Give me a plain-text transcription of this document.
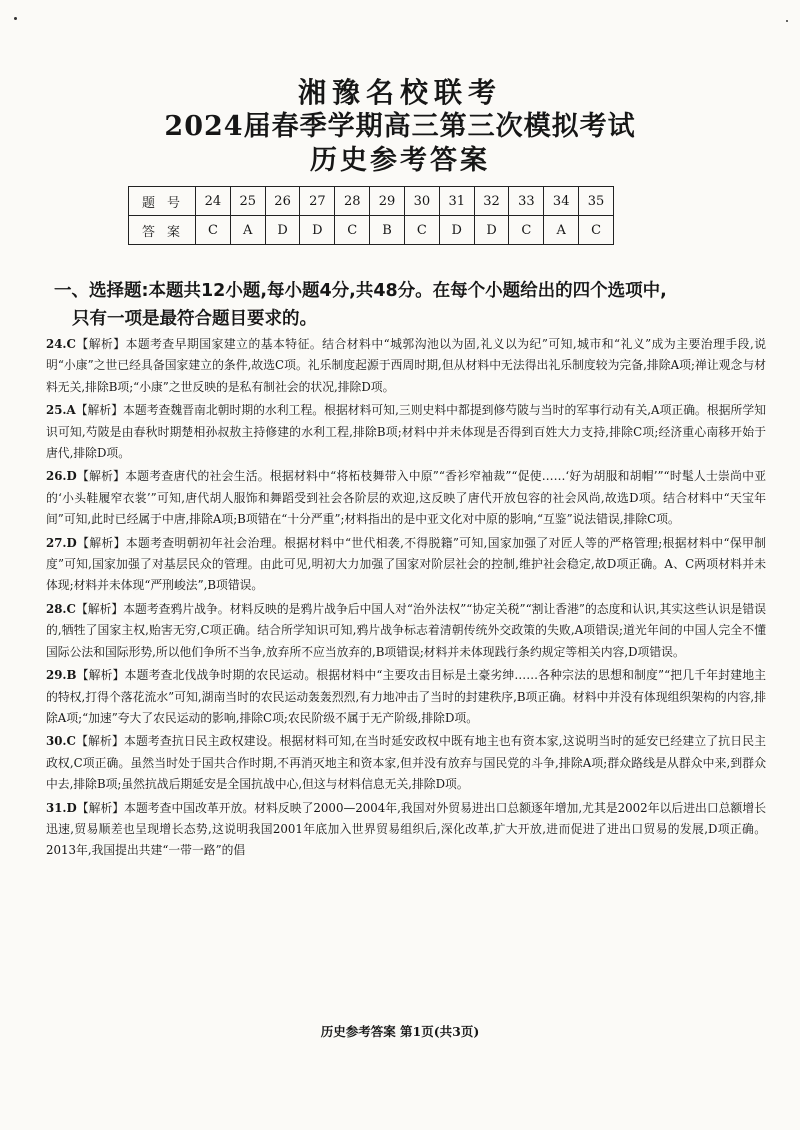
湘豫名校联考
2024届春季学期高三第三次模拟考试
历史参考答案
题号	24	25	26	27	28	29	30	31	32	33	34	35
答案	C	A	D	D	C	B	C	D	D	C	A	C
一、选择题:本题共12小题,每小题4分,共48分。在每个小题给出的四个选项中,
只有一项是最符合题目要求的。
24.C【解析】本题考查早期国家建立的基本特征。结合材料中“城郭沟池以为固,礼义以为纪”可知,城市和“礼义”成为主要治理手段,说明“小康”之世已经具备国家建立的条件,故选C项。礼乐制度起源于西周时期,但从材料中无法得出礼乐制度较为完备,排除A项;禅让观念与材料无关,排除B项;“小康”之世反映的是私有制社会的状况,排除D项。
25.A【解析】本题考查魏晋南北朝时期的水利工程。根据材料可知,三则史料中都提到修芍陂与当时的军事行动有关,A项正确。根据所学知识可知,芍陂是由春秋时期楚相孙叔敖主持修建的水利工程,排除B项;材料中并未体现是否得到百姓大力支持,排除C项;经济重心南移开始于唐代,排除D项。
26.D【解析】本题考查唐代的社会生活。根据材料中“将柘枝舞带入中原”“香衫窄袖裁”“促使……‘好为胡服和胡帽’”“时髦人士崇尚中亚的‘小头鞋履窄衣裳’”可知,唐代胡人服饰和舞蹈受到社会各阶层的欢迎,这反映了唐代开放包容的社会风尚,故选D项。结合材料中“天宝年间”可知,此时已经属于中唐,排除A项;B项错在“十分严重”;材料指出的是中亚文化对中原的影响,“互鉴”说法错误,排除C项。
27.D【解析】本题考查明朝初年社会治理。根据材料中“世代相袭,不得脱籍”可知,国家加强了对匠人等的严格管理;根据材料中“保甲制度”可知,国家加强了对基层民众的管理。由此可见,明初大力加强了国家对阶层社会的控制,维护社会稳定,故D项正确。A、C两项材料并未体现;材料并未体现“严刑峻法”,B项错误。
28.C【解析】本题考查鸦片战争。材料反映的是鸦片战争后中国人对“治外法权”“协定关税”“割让香港”的态度和认识,其实这些认识是错误的,牺牲了国家主权,贻害无穷,C项正确。结合所学知识可知,鸦片战争标志着清朝传统外交政策的失败,A项错误;道光年间的中国人完全不懂国际公法和国际形势,所以他们争所不当争,放弃所不应当放弃的,B项错误;材料并未体现践行条约规定等相关内容,D项错误。
29.B【解析】本题考查北伐战争时期的农民运动。根据材料中“主要攻击目标是土豪劣绅……各种宗法的思想和制度”“把几千年封建地主的特权,打得个落花流水”可知,湖南当时的农民运动轰轰烈烈,有力地冲击了当时的封建秩序,B项正确。材料中并没有体现组织架构的内容,排除A项;“加速”夸大了农民运动的影响,排除C项;农民阶级不属于无产阶级,排除D项。
30.C【解析】本题考查抗日民主政权建设。根据材料可知,在当时延安政权中既有地主也有资本家,这说明当时的延安已经建立了抗日民主政权,C项正确。虽然当时处于国共合作时期,不再消灭地主和资本家,但并没有放弃与国民党的斗争,排除A项;群众路线是从群众中来,到群众中去,排除B项;虽然抗战后期延安是全国抗战中心,但这与材料信息无关,排除D项。
31.D【解析】本题考查中国改革开放。材料反映了2000—2004年,我国对外贸易进出口总额逐年增加,尤其是2002年以后进出口总额增长迅速,贸易顺差也呈现增长态势,这说明我国2001年底加入世界贸易组织后,深化改革,扩大开放,进而促进了进出口贸易的发展,D项正确。2013年,我国提出共建“一带一路”的倡
历史参考答案 第1页(共3页)
